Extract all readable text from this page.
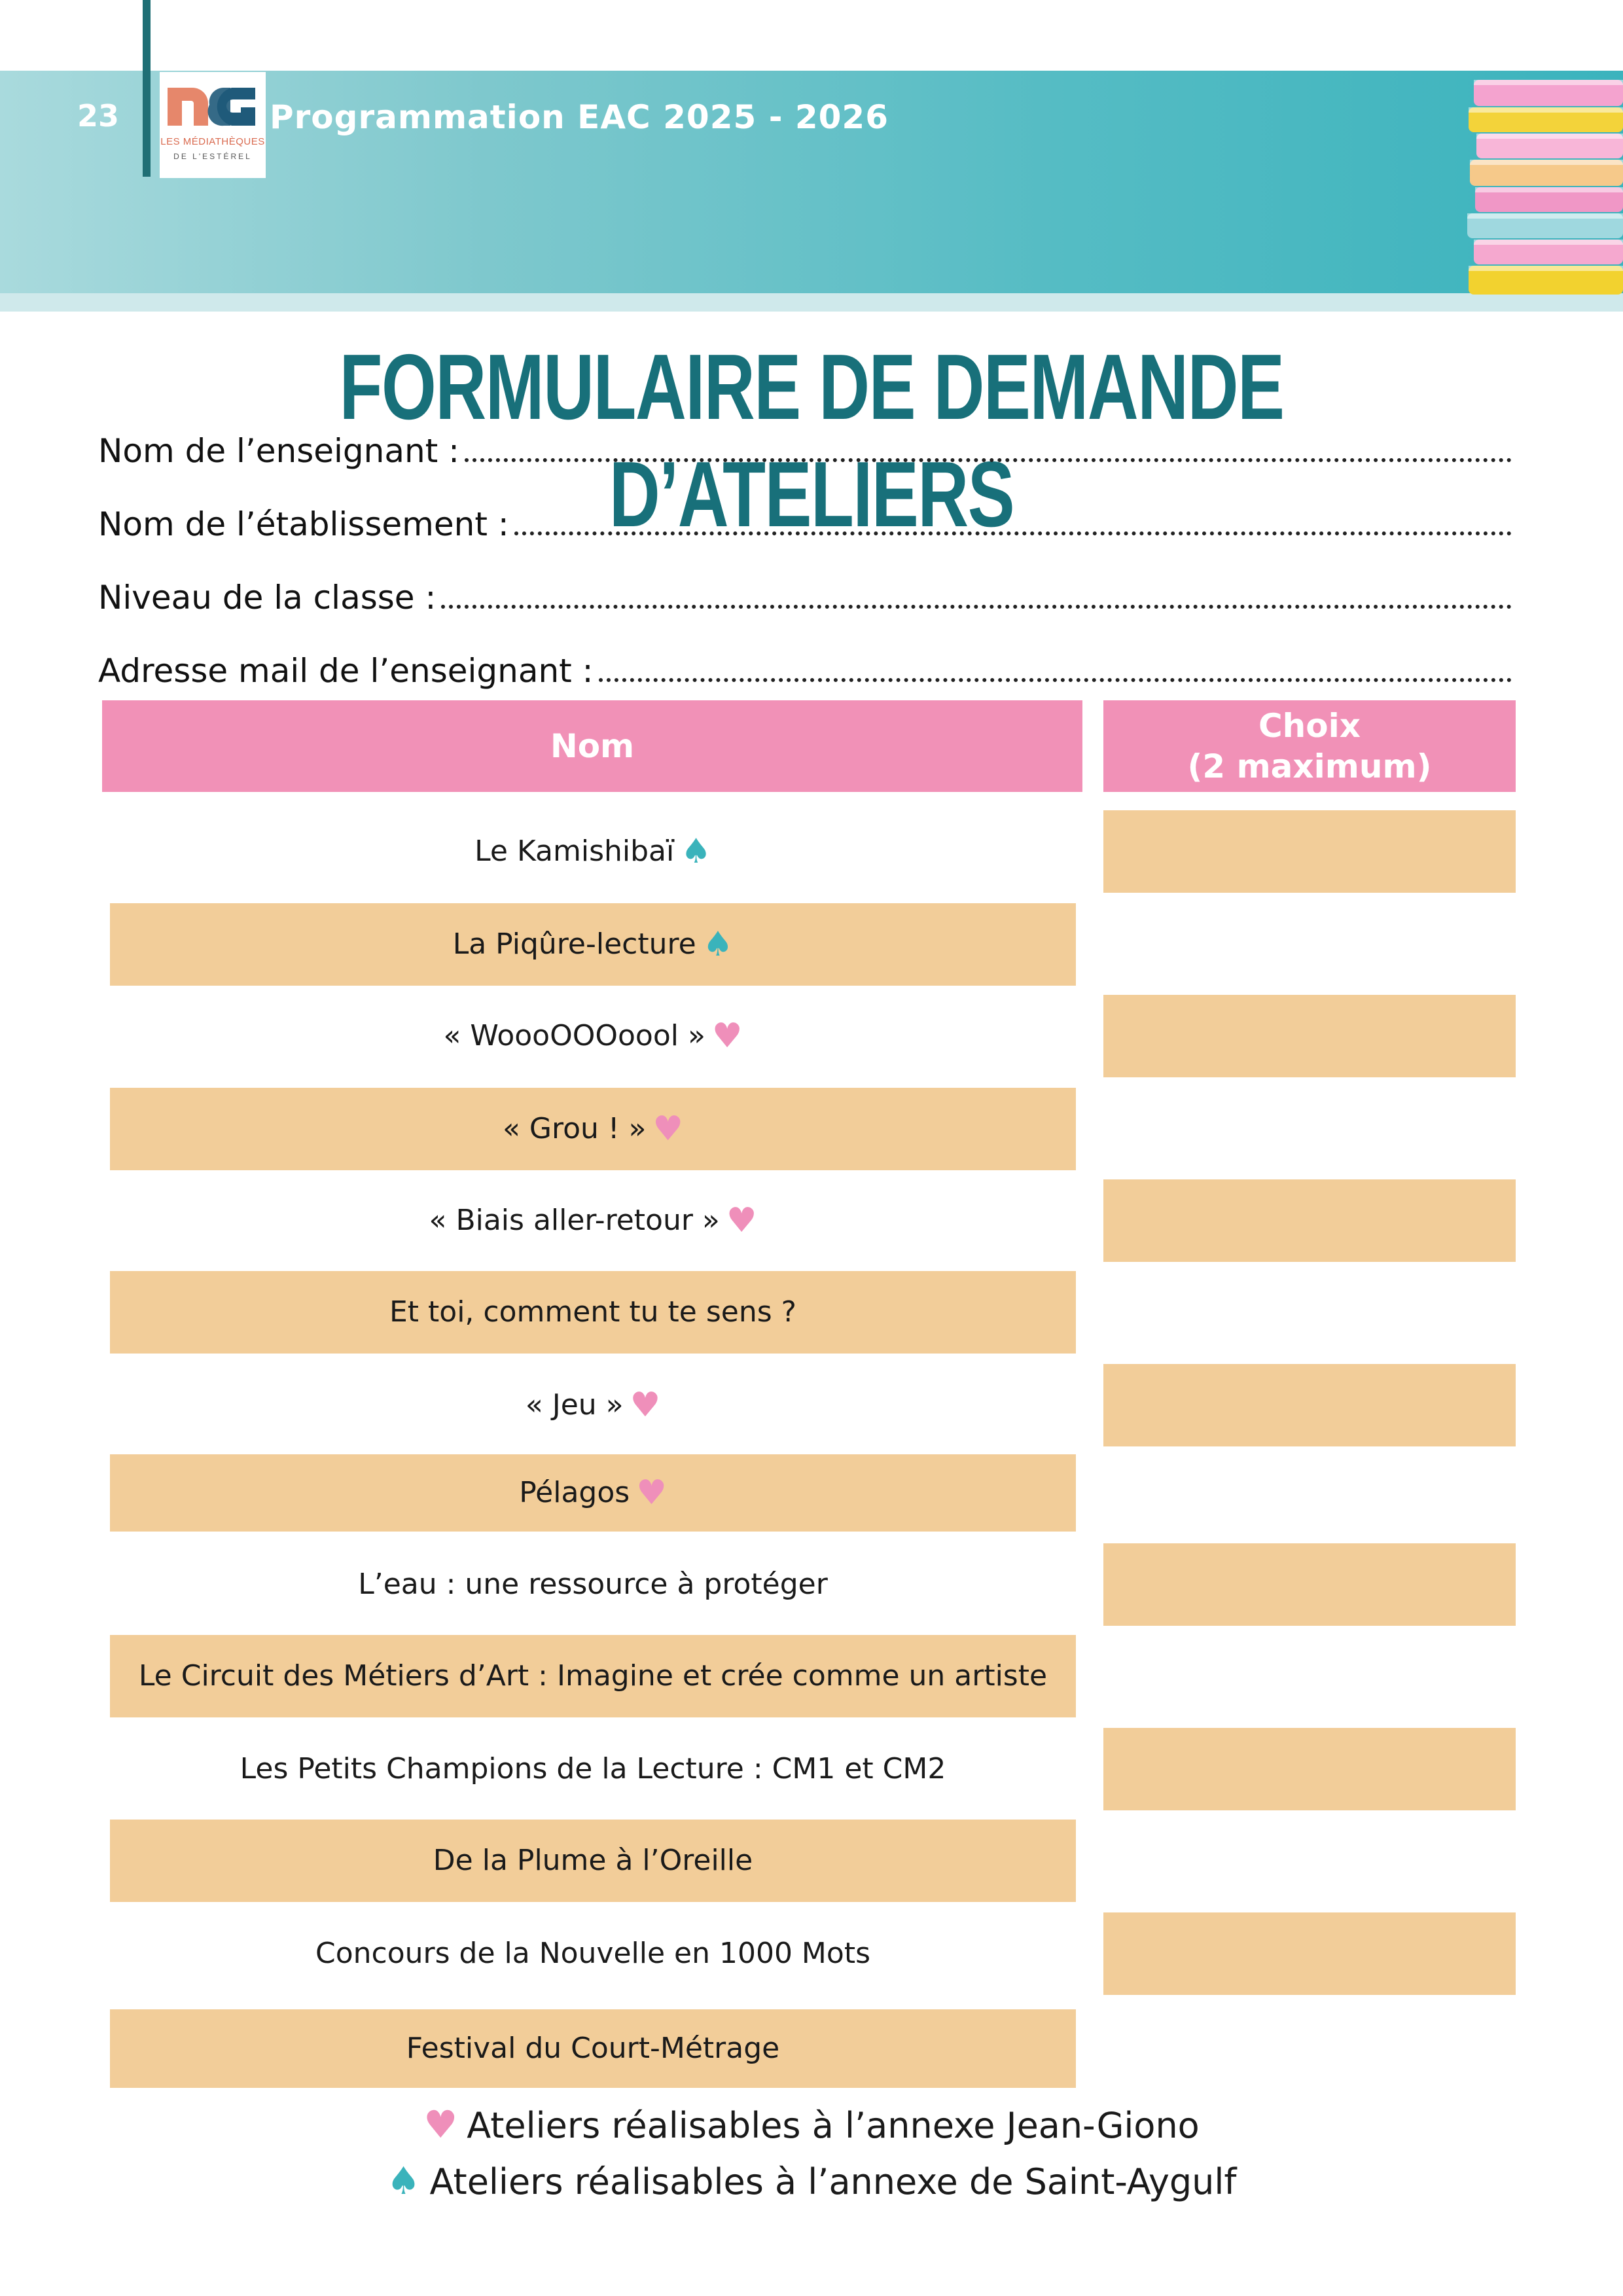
23
LES MÉDIATHÈQUES
DE L'ESTÉREL
Programmation EAC 2025 - 2026
FORMULAIRE DE DEMANDE D’ATELIERS
Nom de l’enseignant :
Nom de l’établissement :
Niveau de la classe :
Adresse mail de l’enseignant :
Nom
Choix
(2 maximum)
Le Kamishibaï ♠
La Piqûre-lecture ♠
« WoooOOOoool » ♥
« Grou ! » ♥
« Biais aller-retour » ♥
Et toi, comment tu te sens ?
« Jeu » ♥
Pélagos ♥
L’eau : une ressource à protéger
Le Circuit des Métiers d’Art : Imagine et crée comme un artiste
Les Petits Champions de la Lecture : CM1 et CM2
De la Plume à l’Oreille
Concours de la Nouvelle en 1000 Mots
Festival du Court-Métrage
♥ Ateliers réalisables à l’annexe Jean-Giono
♠ Ateliers réalisables à l’annexe de Saint-Aygulf
